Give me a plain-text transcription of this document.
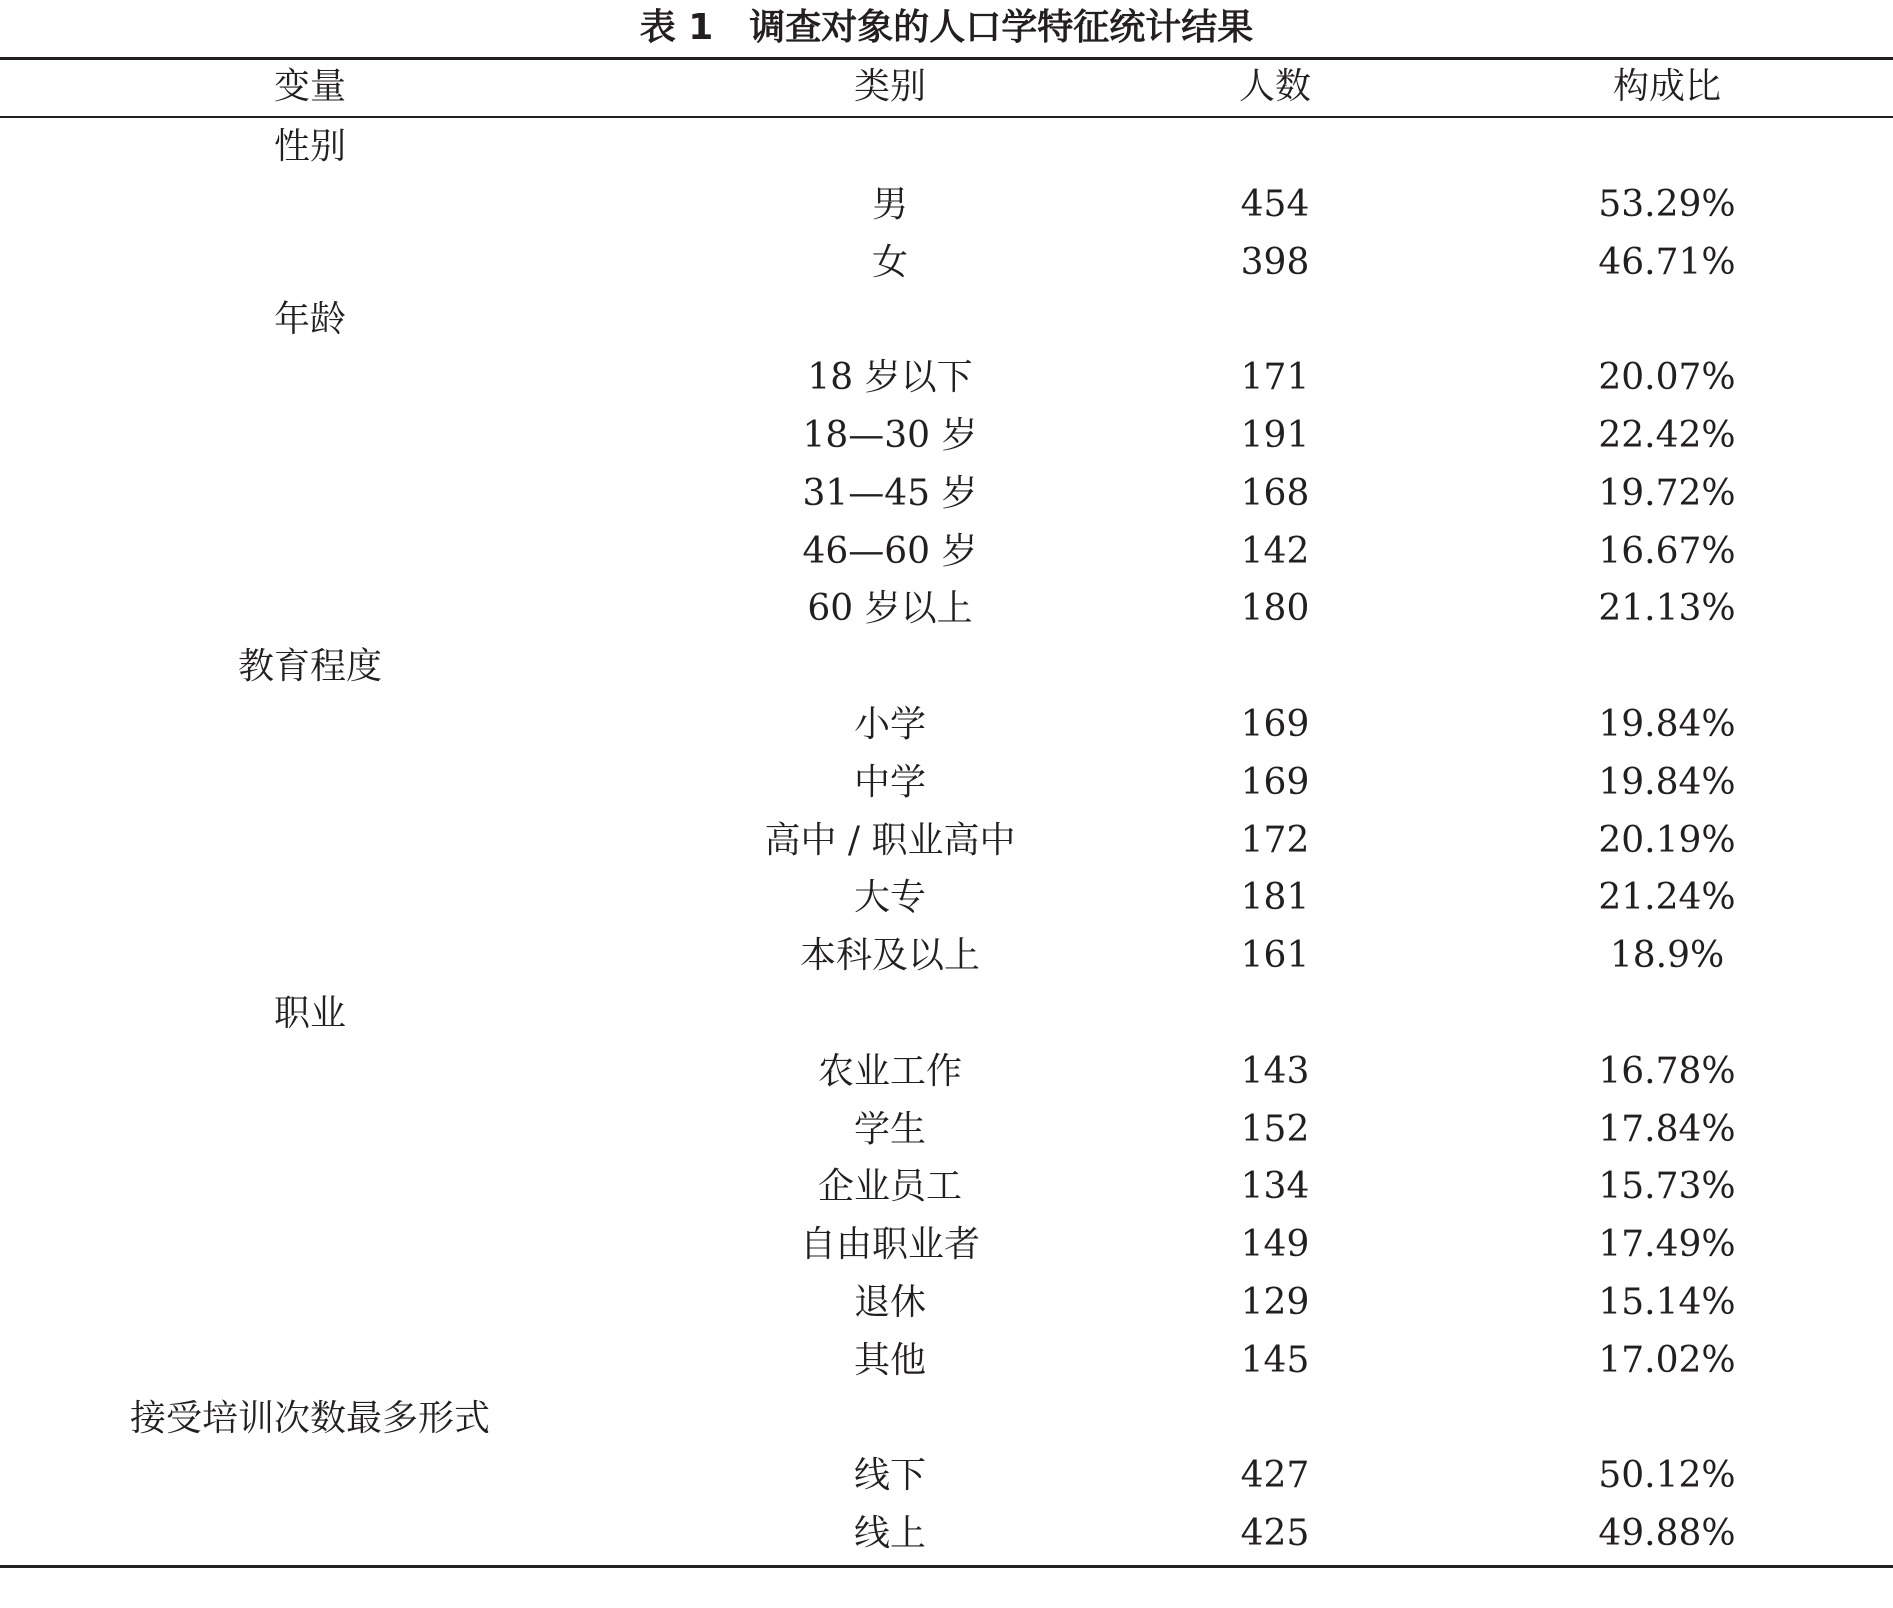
表 1　调查对象的人口学特征统计结果
变量	类别	人数	构成比
性别
男	454	53.29%
女	398	46.71%
年龄
18 岁以下	171	20.07%
18—30 岁	191	22.42%
31—45 岁	168	19.72%
46—60 岁	142	16.67%
60 岁以上	180	21.13%
教育程度
小学	169	19.84%
中学	169	19.84%
高中 / 职业高中	172	20.19%
大专	181	21.24%
本科及以上	161	18.9%
职业
农业工作	143	16.78%
学生	152	17.84%
企业员工	134	15.73%
自由职业者	149	17.49%
退休	129	15.14%
其他	145	17.02%
接受培训次数最多形式
线下	427	50.12%
线上	425	49.88%
